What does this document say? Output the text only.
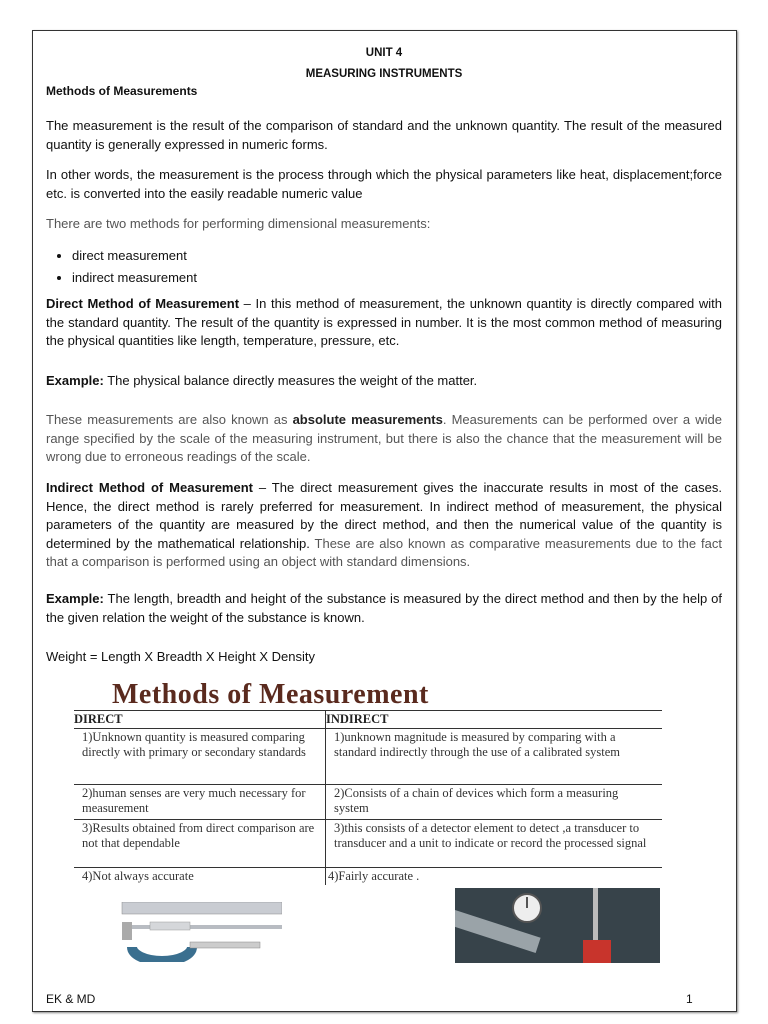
UNIT 4
MEASURING INSTRUMENTS
Methods of Measurements
The measurement is the result of the comparison of standard and the unknown quantity. The result of the measured quantity is generally expressed in numeric forms.
In other words, the measurement is the process through which the physical parameters like heat, displacement;force etc. is converted into the easily readable numeric value
There are two methods for performing dimensional measurements:
• direct measurement
• indirect measurement
Direct Method of Measurement – In this method of measurement, the unknown quantity is directly compared with the standard quantity. The result of the quantity is expressed in number. It is the most common method of measuring the physical quantities like length, temperature, pressure, etc.
Example: The physical balance directly measures the weight of the matter.
These measurements are also known as absolute measurements. Measurements can be performed over a wide range specified by the scale of the measuring instrument, but there is also the chance that the measurement will be wrong due to erroneous readings of the scale.
Indirect Method of Measurement – The direct measurement gives the inaccurate results in most of the cases. Hence, the direct method is rarely preferred for measurement. In indirect method of measurement, the physical parameters of the quantity are measured by the direct method, and then the numerical value of the quantity is determined by the mathematical relationship. These are also known as comparative measurements due to the fact that a comparison is performed using an object with standard dimensions.
Example: The length, breadth and height of the substance is measured by the direct method and then by the help of the given relation the weight of the substance is known.
Weight = Length X Breadth X Height X Density
Methods of Measurement
DIRECT	INDIRECT
1)Unknown quantity is measured comparing directly with primary or secondary standards	1)unknown magnitude is measured by comparing with a standard indirectly through the use of a calibrated system
2)human senses are very much necessary for measurement	2)Consists of a chain of devices which form a measuring system
3)Results obtained from direct comparison are not that dependable	3)this consists of a detector element to detect ,a transducer to transducer and a unit to indicate or record the processed signal
4)Not always accurate	4)Fairly accurate .
EK & MD	1
